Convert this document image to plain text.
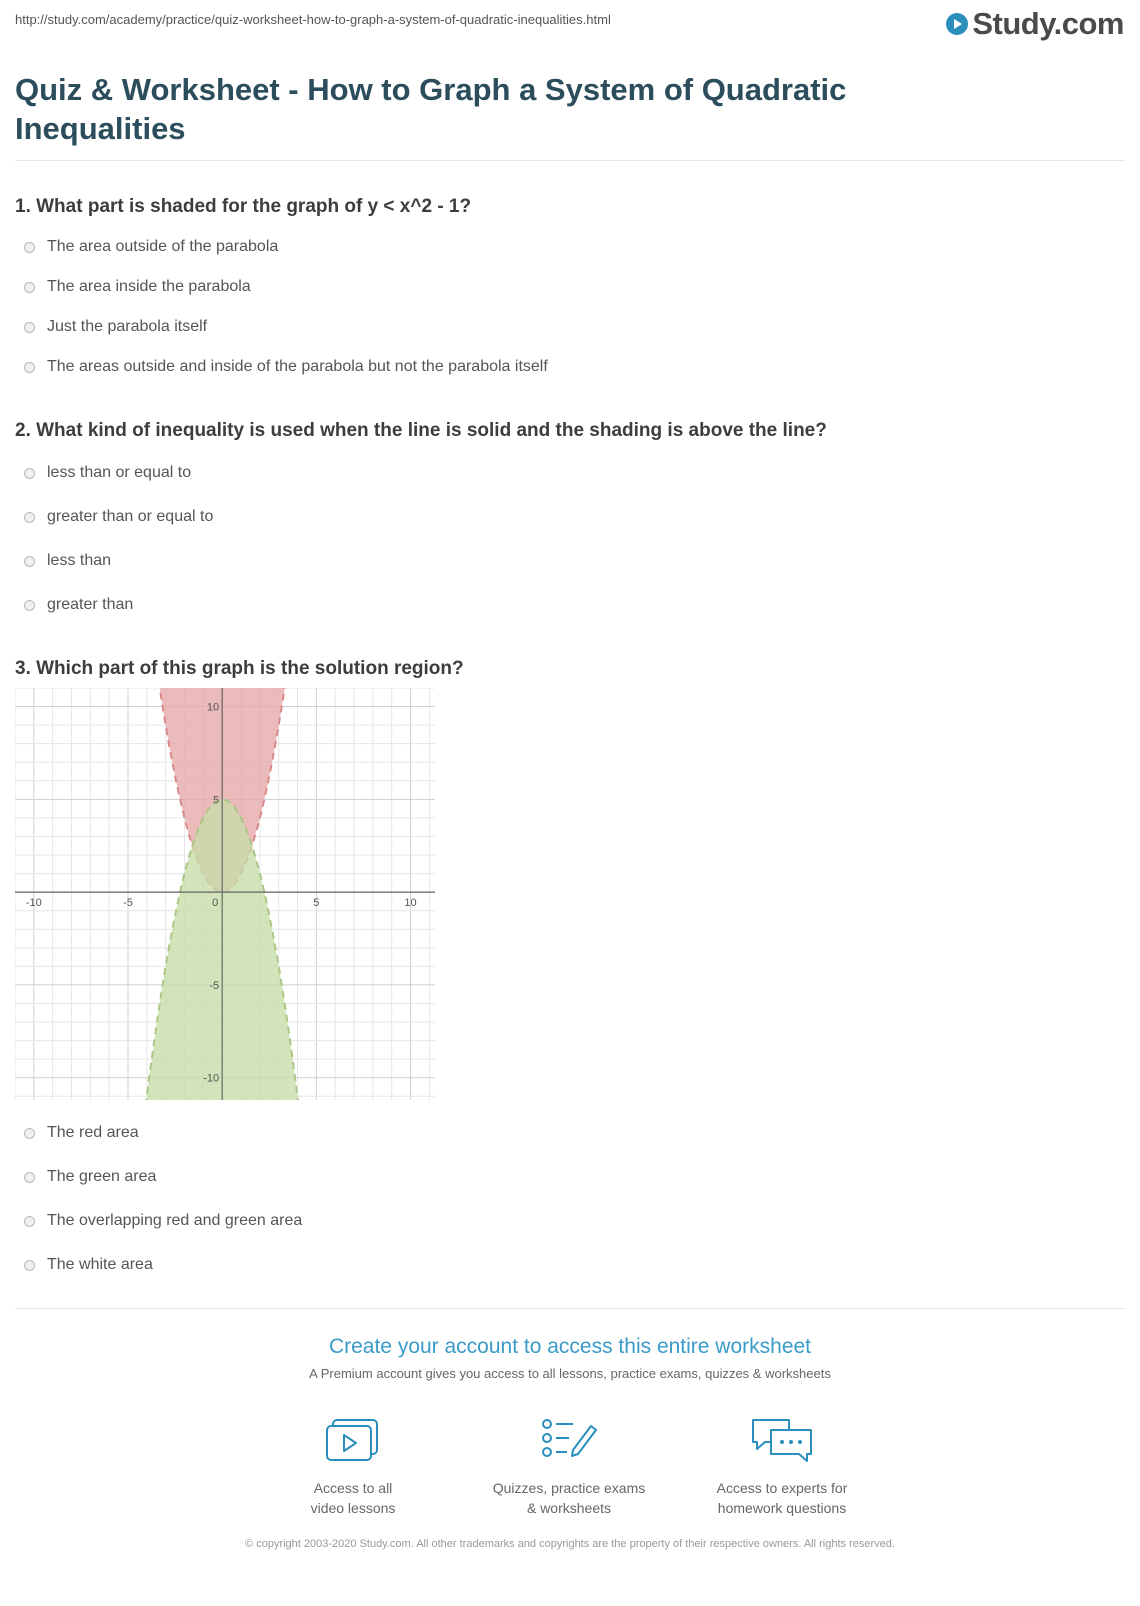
http://study.com/academy/practice/quiz-worksheet-how-to-graph-a-system-of-quadratic-inequalities.html	Study.com
Quiz & Worksheet - How to Graph a System of Quadratic Inequalities
1. What part is shaded for the graph of y < x^2 - 1?
The area outside of the parabola
The area inside the parabola
Just the parabola itself
The areas outside and inside of the parabola but not the parabola itself
2. What kind of inequality is used when the line is solid and the shading is above the line?
less than or equal to
greater than or equal to
less than
greater than
3. Which part of this graph is the solution region?
-10	-5	0	5	10
10
5
-5
-10
The red area
The green area
The overlapping red and green area
The white area
Create your account to access this entire worksheet
A Premium account gives you access to all lessons, practice exams, quizzes & worksheets
Access to all
video lessons
Quizzes, practice exams
& worksheets
Access to experts for
homework questions
© copyright 2003-2020 Study.com. All other trademarks and copyrights are the property of their respective owners. All rights reserved.
